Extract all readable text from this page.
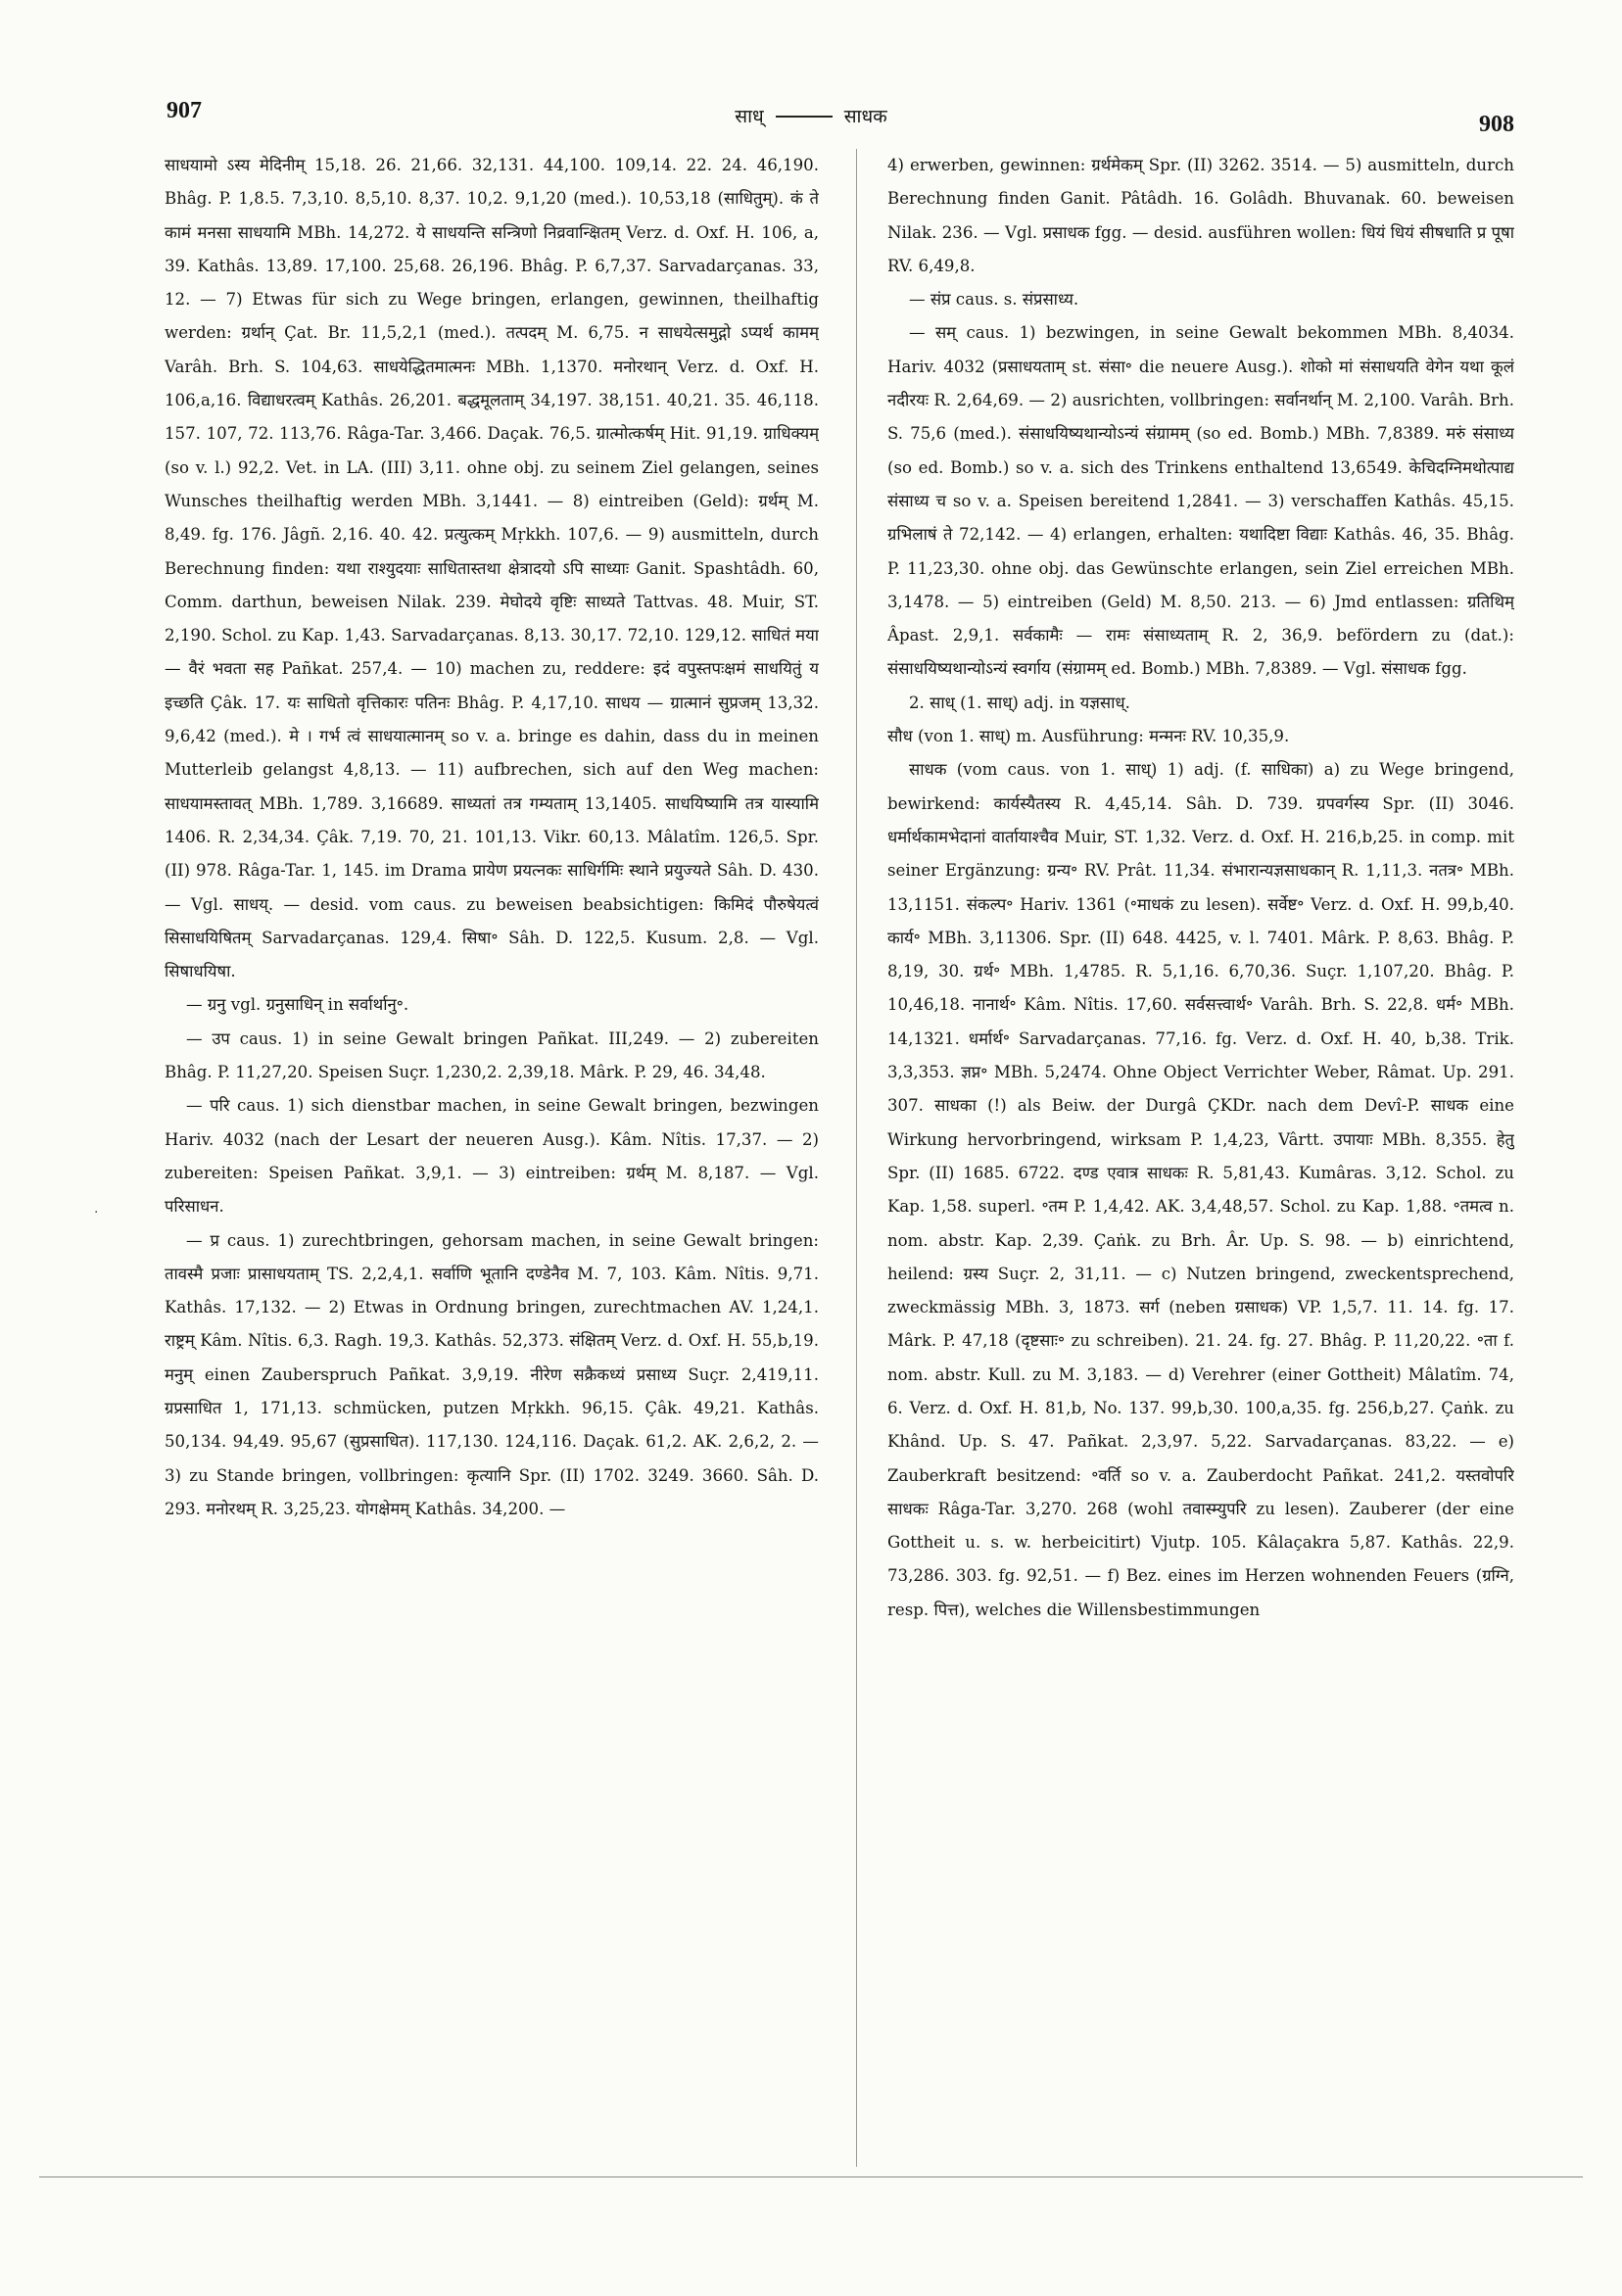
907	साध्	साधक	908

साधयामो ऽस्य मेदिनीम् 15,18. 26. 21,66. 32,131. 44,100. 109,14. 22. 24. 46,190. Bhâg. P. 1,8.5. 7,3,10. 8,5,10. 8,37. 10,2. 9,1,20 (med.). 10,53,18 (साधितुम्). कं ते कामं मनसा साधयामि MBh. 14,272. ये साधयन्ति सन्त्रिणो निव्रवान्क्षितम् Verz. d. Oxf. H. 106, a, 39. Kathâs. 13,89. 17,100. 25,68. 26,196. Bhâg. P. 6,7,37. Sarvadarçanas. 33, 12. — 7) Etwas für sich zu Wege bringen, erlangen, gewinnen, theilhaftig werden: ग्रर्थान् Çat. Br. 11,5,2,1 (med.). तत्पदम् M. 6,75. न साधयेत्समुद्गो ऽप्यर्थ कामम् Varâh. Brh. S. 104,63. साधयेद्धितमात्मनः MBh. 1,1370. मनोरथान् Verz. d. Oxf. H. 106,a,16. विद्याधरत्वम् Kathâs. 26,201. बद्धमूलताम् 34,197. 38,151. 40,21. 35. 46,118. 157. 107, 72. 113,76. Râga-Tar. 3,466. Daçak. 76,5. ग्रात्मोत्कर्षम् Hit. 91,19. ग्राधिक्यम् (so v. l.) 92,2. Vet. in LA. (III) 3,11. ohne obj. zu seinem Ziel gelangen, seines Wunsches theilhaftig werden MBh. 3,1441. — 8) eintreiben (Geld): ग्रर्थम् M. 8,49. fg. 176. Jâgñ. 2,16. 40. 42. प्रत्युत्कम् Mṛkkh. 107,6. — 9) ausmitteln, durch Berechnung finden: यथा राश्युदयाः साधितास्तथा क्षेत्रादयो ऽपि साध्याः Ganit. Spashtâdh. 60, Comm. darthun, beweisen Nilak. 239. मेघोदये वृष्टिः साध्यते Tattvas. 48. Muir, ST. 2,190. Schol. zu Kap. 1,43. Sarvadarçanas. 8,13. 30,17. 72,10. 129,12. साधितं मया — वैरं भवता सह Pañkat. 257,4. — 10) machen zu, reddere: इदं वपुस्तपःक्षमं साधयितुं य इच्छति Çâk. 17. यः साधितो वृत्तिकारः पतिनः Bhâg. P. 4,17,10. साधय — ग्रात्मानं सुप्रजम् 13,32. 9,6,42 (med.). मे । गर्भ त्वं साधयात्मानम् so v. a. bringe es dahin, dass du in meinen Mutterleib gelangst 4,8,13. — 11) aufbrechen, sich auf den Weg machen: साधयामस्तावत् MBh. 1,789. 3,16689. साध्यतां तत्र गम्यताम् 13,1405. साधयिष्यामि तत्र यास्यामि 1406. R. 2,34,34. Çâk. 7,19. 70, 21. 101,13. Vikr. 60,13. Mâlatîm. 126,5. Spr. (II) 978. Râga-Tar. 1, 145. im Drama प्रायेण प्रयत्नकः साधिर्गमिः स्थाने प्रयुज्यते Sâh. D. 430.— Vgl. साधय्. — desid. vom caus. zu beweisen beabsichtigen: किमिदं पौरुषेयत्वं सिसाधयिषितम् Sarvadarçanas. 129,4. सिषा॰ Sâh. D. 122,5. Kusum. 2,8. — Vgl. सिषाधयिषा.

— ग्रनु vgl. ग्रनुसाधिन् in सर्वार्थानु॰.

— उप caus. 1) in seine Gewalt bringen Pañkat. III,249. — 2) zubereiten Bhâg. P. 11,27,20. Speisen Suçr. 1,230,2. 2,39,18. Mârk. P. 29, 46. 34,48.

— परि caus. 1) sich dienstbar machen, in seine Gewalt bringen, bezwingen Hariv. 4032 (nach der Lesart der neueren Ausg.). Kâm. Nîtis. 17,37. — 2) zubereiten: Speisen Pañkat. 3,9,1. — 3) eintreiben: ग्रर्थम् M. 8,187. — Vgl. परिसाधन.

— प्र caus. 1) zurechtbringen, gehorsam machen, in seine Gewalt bringen: तावस्मै प्रजाः प्रासाधयताम् TS. 2,2,4,1. सर्वाणि भूतानि दण्डेनैव M. 7, 103. Kâm. Nîtis. 9,71. Kathâs. 17,132. — 2) Etwas in Ordnung bringen, zurechtmachen AV. 1,24,1. राष्ट्रम् Kâm. Nîtis. 6,3. Ragh. 19,3. Kathâs. 52,373. संक्षितम् Verz. d. Oxf. H. 55,b,19. मनुम् einen Zauberspruch Pañkat. 3,9,19. नीरेण सक्रैकध्यं प्रसाध्य Suçr. 2,419,11. ग्रप्रसाधित 1, 171,13. schmücken, putzen Mṛkkh. 96,15. Çâk. 49,21. Kathâs. 50,134. 94,49. 95,67 (सुप्रसाधित). 117,130. 124,116. Daçak. 61,2. AK. 2,6,2, 2. — 3) zu Stande bringen, vollbringen: कृत्यानि Spr. (II) 1702. 3249. 3660. Sâh. D. 293. मनोरथम् R. 3,25,23. योगक्षेमम् Kathâs. 34,200. —

4) erwerben, gewinnen: ग्रर्थमेकम् Spr. (II) 3262. 3514. — 5) ausmitteln, durch Berechnung finden Ganit. Pâtâdh. 16. Golâdh. Bhuvanak. 60. beweisen Nilak. 236. — Vgl. प्रसाधक fgg. — desid. ausführen wollen: धियं धियं सीषधाति प्र पूषा RV. 6,49,8.

— संप्र caus. s. संप्रसाध्य.

— सम् caus. 1) bezwingen, in seine Gewalt bekommen MBh. 8,4034. Hariv. 4032 (प्रसाधयताम् st. संसा॰ die neuere Ausg.). शोको मां संसाधयति वेगेन यथा कूलं नदीरयः R. 2,64,69. — 2) ausrichten, vollbringen: सर्वानर्थान् M. 2,100. Varâh. Brh. S. 75,6 (med.). संसाधयिष्यथान्योऽन्यं संग्रामम् (so ed. Bomb.) MBh. 7,8389. मरुं संसाध्य (so ed. Bomb.) so v. a. sich des Trinkens enthaltend 13,6549. केचिदग्निमथोत्पाद्य संसाध्य च so v. a. Speisen bereitend 1,2841. — 3) verschaffen Kathâs. 45,15. ग्रभिलाषं ते 72,142. — 4) erlangen, erhalten: यथादिष्टा विद्याः Kathâs. 46, 35. Bhâg. P. 11,23,30. ohne obj. das Gewünschte erlangen, sein Ziel erreichen MBh. 3,1478. — 5) eintreiben (Geld) M. 8,50. 213. — 6) Jmd entlassen: ग्रतिथिम् Âpast. 2,9,1. सर्वकामैः — रामः संसाध्यताम् R. 2, 36,9. befördern zu (dat.): संसाधयिष्यथान्योऽन्यं स्वर्गाय (संग्रामम् ed. Bomb.) MBh. 7,8389. — Vgl. संसाधक fgg.

2. साध् (1. साध्) adj. in यज्ञसाध्.

सौध (von 1. साध्) m. Ausführung: मन्मनः RV. 10,35,9.

साधक (vom caus. von 1. साध्) 1) adj. (f. साधिका) a) zu Wege bringend, bewirkend: कार्यस्यैतस्य R. 4,45,14. Sâh. D. 739. ग्रपवर्गस्य Spr. (II) 3046. धर्मार्थकामभेदानां वार्तायाश्चैव Muir, ST. 1,32. Verz. d. Oxf. H. 216,b,25. in comp. mit seiner Ergänzung: ग्रन्य॰ RV. Prât. 11,34. संभारान्यज्ञसाधकान् R. 1,11,3. नतत्र॰ MBh. 13,1151. संकल्प॰ Hariv. 1361 (॰माधकं zu lesen). सर्वेष्ट॰ Verz. d. Oxf. H. 99,b,40. कार्य॰ MBh. 3,11306. Spr. (II) 648. 4425, v. l. 7401. Mârk. P. 8,63. Bhâg. P. 8,19, 30. ग्रर्थ॰ MBh. 1,4785. R. 5,1,16. 6,70,36. Suçr. 1,107,20. Bhâg. P. 10,46,18. नानार्थ॰ Kâm. Nîtis. 17,60. सर्वसत्त्वार्थ॰ Varâh. Brh. S. 22,8. धर्म॰ MBh. 14,1321. धर्मार्थ॰ Sarvadarçanas. 77,16. fg. Verz. d. Oxf. H. 40, b,38. Trik. 3,3,353. ज्ञप्न॰ MBh. 5,2474. Ohne Object Verrichter Weber, Râmat. Up. 291. 307. साधका (!) als Beiw. der Durgâ ÇKDr. nach dem Devî-P. साधक eine Wirkung hervorbringend, wirksam P. 1,4,23, Vârtt. उपायाः MBh. 8,355. हेतु Spr. (II) 1685. 6722. दण्ड एवात्र साधकः R. 5,81,43. Kumâras. 3,12. Schol. zu Kap. 1,58. superl. ॰तम P. 1,4,42. AK. 3,4,48,57. Schol. zu Kap. 1,88. ॰तमत्व n. nom. abstr. Kap. 2,39. Çaṅk. zu Brh. Âr. Up. S. 98. — b) einrichtend, heilend: ग्रस्य Suçr. 2, 31,11. — c) Nutzen bringend, zweckentsprechend, zweckmässig MBh. 3, 1873. सर्ग (neben ग्रसाधक) VP. 1,5,7. 11. 14. fg. 17. Mârk. P. 47,18 (दृष्टसाः॰ zu schreiben). 21. 24. fg. 27. Bhâg. P. 11,20,22. ॰ता f. nom. abstr. Kull. zu M. 3,183. — d) Verehrer (einer Gottheit) Mâlatîm. 74, 6. Verz. d. Oxf. H. 81,b, No. 137. 99,b,30. 100,a,35. fg. 256,b,27. Çaṅk. zu Khând. Up. S. 47. Pañkat. 2,3,97. 5,22. Sarvadarçanas. 83,22. — e) Zauberkraft besitzend: ॰वर्ति so v. a. Zauberdocht Pañkat. 241,2. यस्तवोपरि साधकः Râga-Tar. 3,270. 268 (wohl तवास्म्युपरि zu lesen). Zauberer (der eine Gottheit u. s. w. herbeicitirt) Vjutp. 105. Kâlaçakra 5,87. Kathâs. 22,9. 73,286. 303. fg. 92,51. — f) Bez. eines im Herzen wohnenden Feuers (ग्रग्नि, resp. पित्त), welches die Willensbestimmungen

·
